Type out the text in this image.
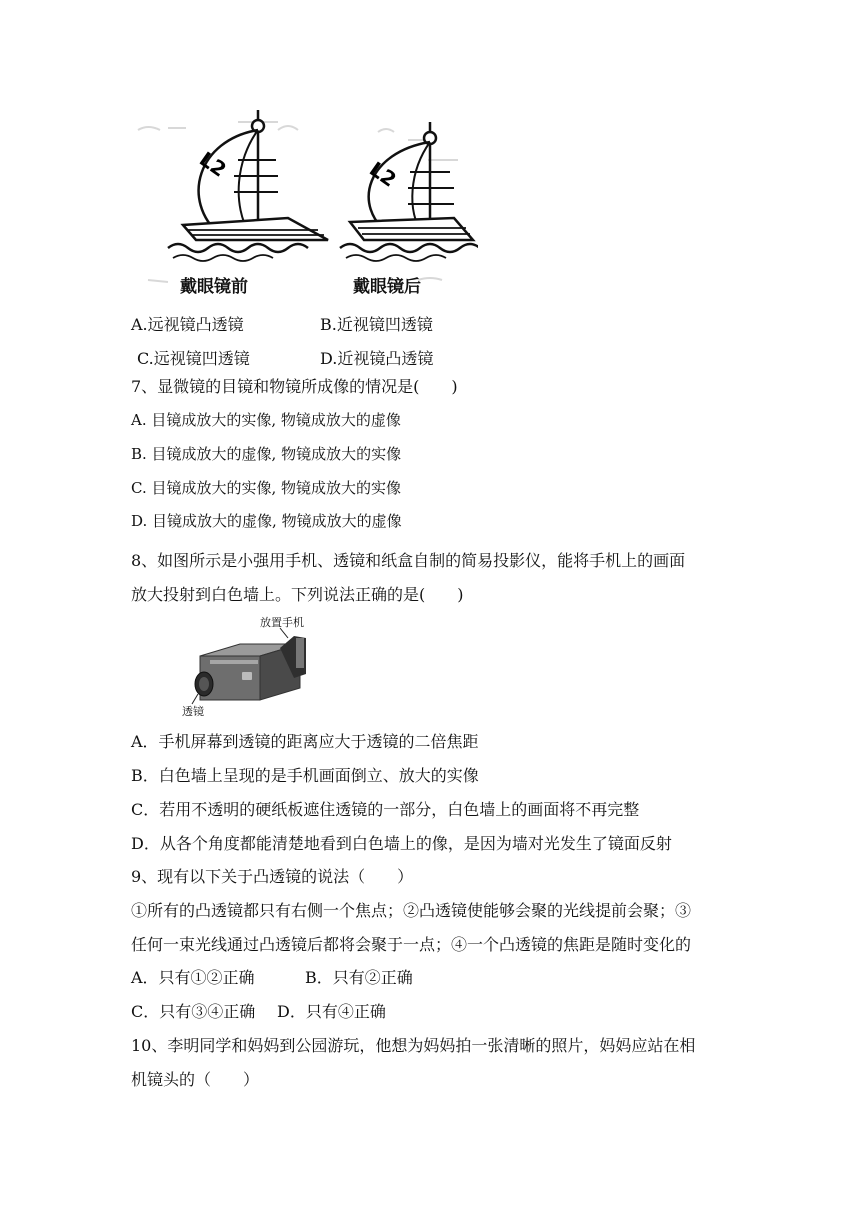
L2	L2
戴眼镜前	戴眼镜后
A.远视镜凸透镜	B.近视镜凹透镜
C.远视镜凹透镜	D.近视镜凸透镜
7、显微镜的目镜和物镜所成像的情况是(　　)
A. 目镜成放大的实像, 物镜成放大的虚像
B. 目镜成放大的虚像, 物镜成放大的实像
C. 目镜成放大的实像, 物镜成放大的实像
D. 目镜成放大的虚像, 物镜成放大的虚像
8、如图所示是小强用手机、透镜和纸盒自制的简易投影仪，能将手机上的画面
放大投射到白色墙上。下列说法正确的是(　　)
放置手机
透镜
A．手机屏幕到透镜的距离应大于透镜的二倍焦距
B．白色墙上呈现的是手机画面倒立、放大的实像
C．若用不透明的硬纸板遮住透镜的一部分，白色墙上的画面将不再完整
D．从各个角度都能清楚地看到白色墙上的像，是因为墙对光发生了镜面反射
9、现有以下关于凸透镜的说法（　　）
①所有的凸透镜都只有右侧一个焦点；②凸透镜使能够会聚的光线提前会聚；③
任何一束光线通过凸透镜后都将会聚于一点；④一个凸透镜的焦距是随时变化的
A．只有①②正确	B．只有②正确
C．只有③④正确 D．只有④正确
10、李明同学和妈妈到公园游玩，他想为妈妈拍一张清晰的照片，妈妈应站在相
机镜头的（　　）
